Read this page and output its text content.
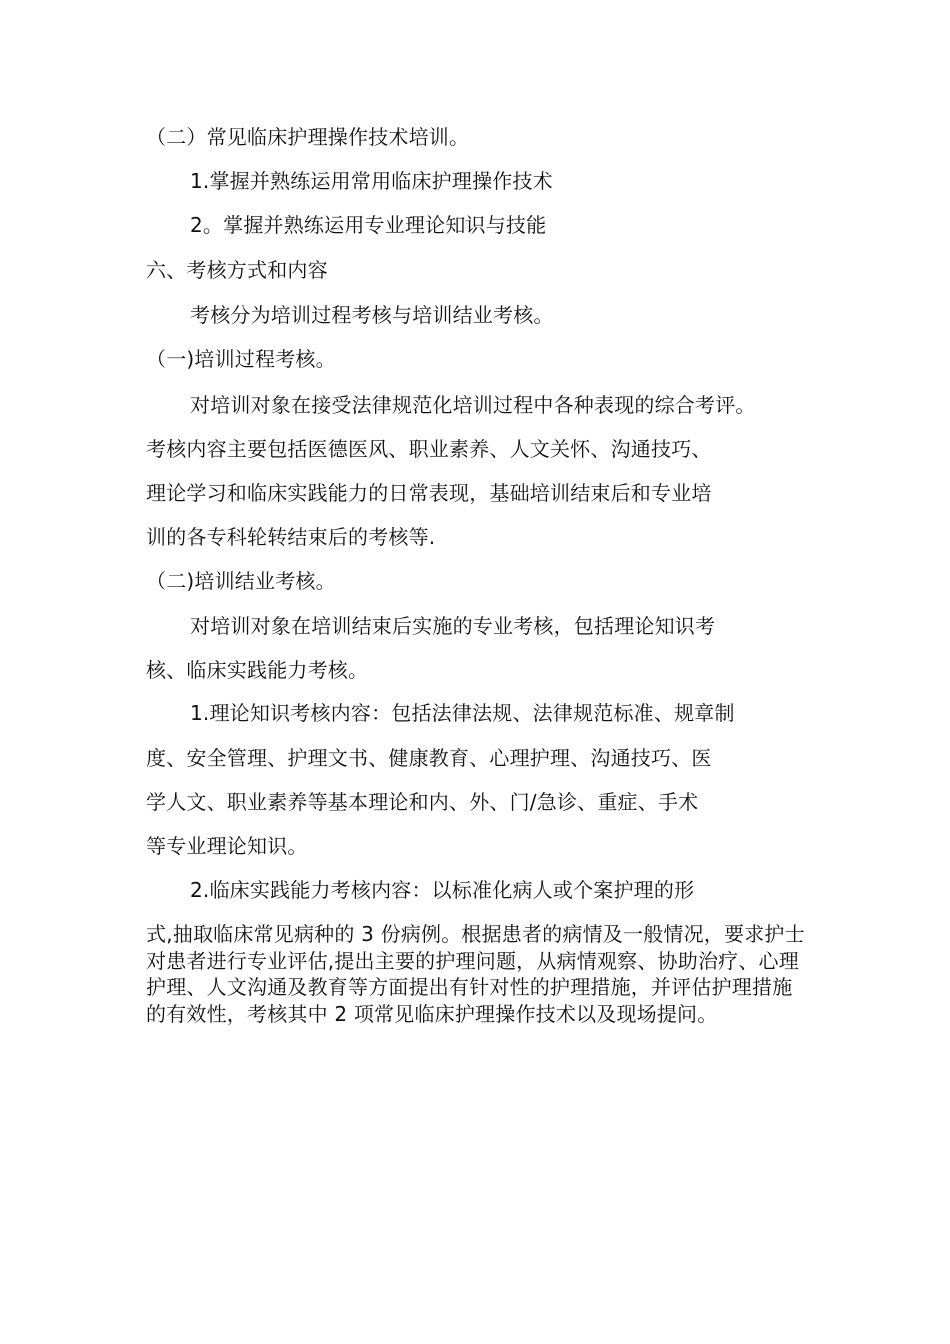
（二）常见临床护理操作技术培训。
1.掌握并熟练运用常用临床护理操作技术
2。掌握并熟练运用专业理论知识与技能
六、考核方式和内容
考核分为培训过程考核与培训结业考核。
（一)培训过程考核。
对培训对象在接受法律规范化培训过程中各种表现的综合考评。
考核内容主要包括医德医风、职业素养、人文关怀、沟通技巧、
理论学习和临床实践能力的日常表现，基础培训结束后和专业培
训的各专科轮转结束后的考核等.
（二)培训结业考核。
对培训对象在培训结束后实施的专业考核，包括理论知识考
核、临床实践能力考核。
1.理论知识考核内容：包括法律法规、法律规范标准、规章制
度、安全管理、护理文书、健康教育、心理护理、沟通技巧、医
学人文、职业素养等基本理论和内、外、门/急诊、重症、手术
等专业理论知识。
2.临床实践能力考核内容：以标准化病人或个案护理的形
式,抽取临床常见病种的 3 份病例。根据患者的病情及一般情况，要求护士对患者进行专业评估,提出主要的护理问题，从病情观察、协助治疗、心理护理、人文沟通及教育等方面提出有针对性的护理措施，并评估护理措施的有效性，考核其中 2 项常见临床护理操作技术以及现场提问。
